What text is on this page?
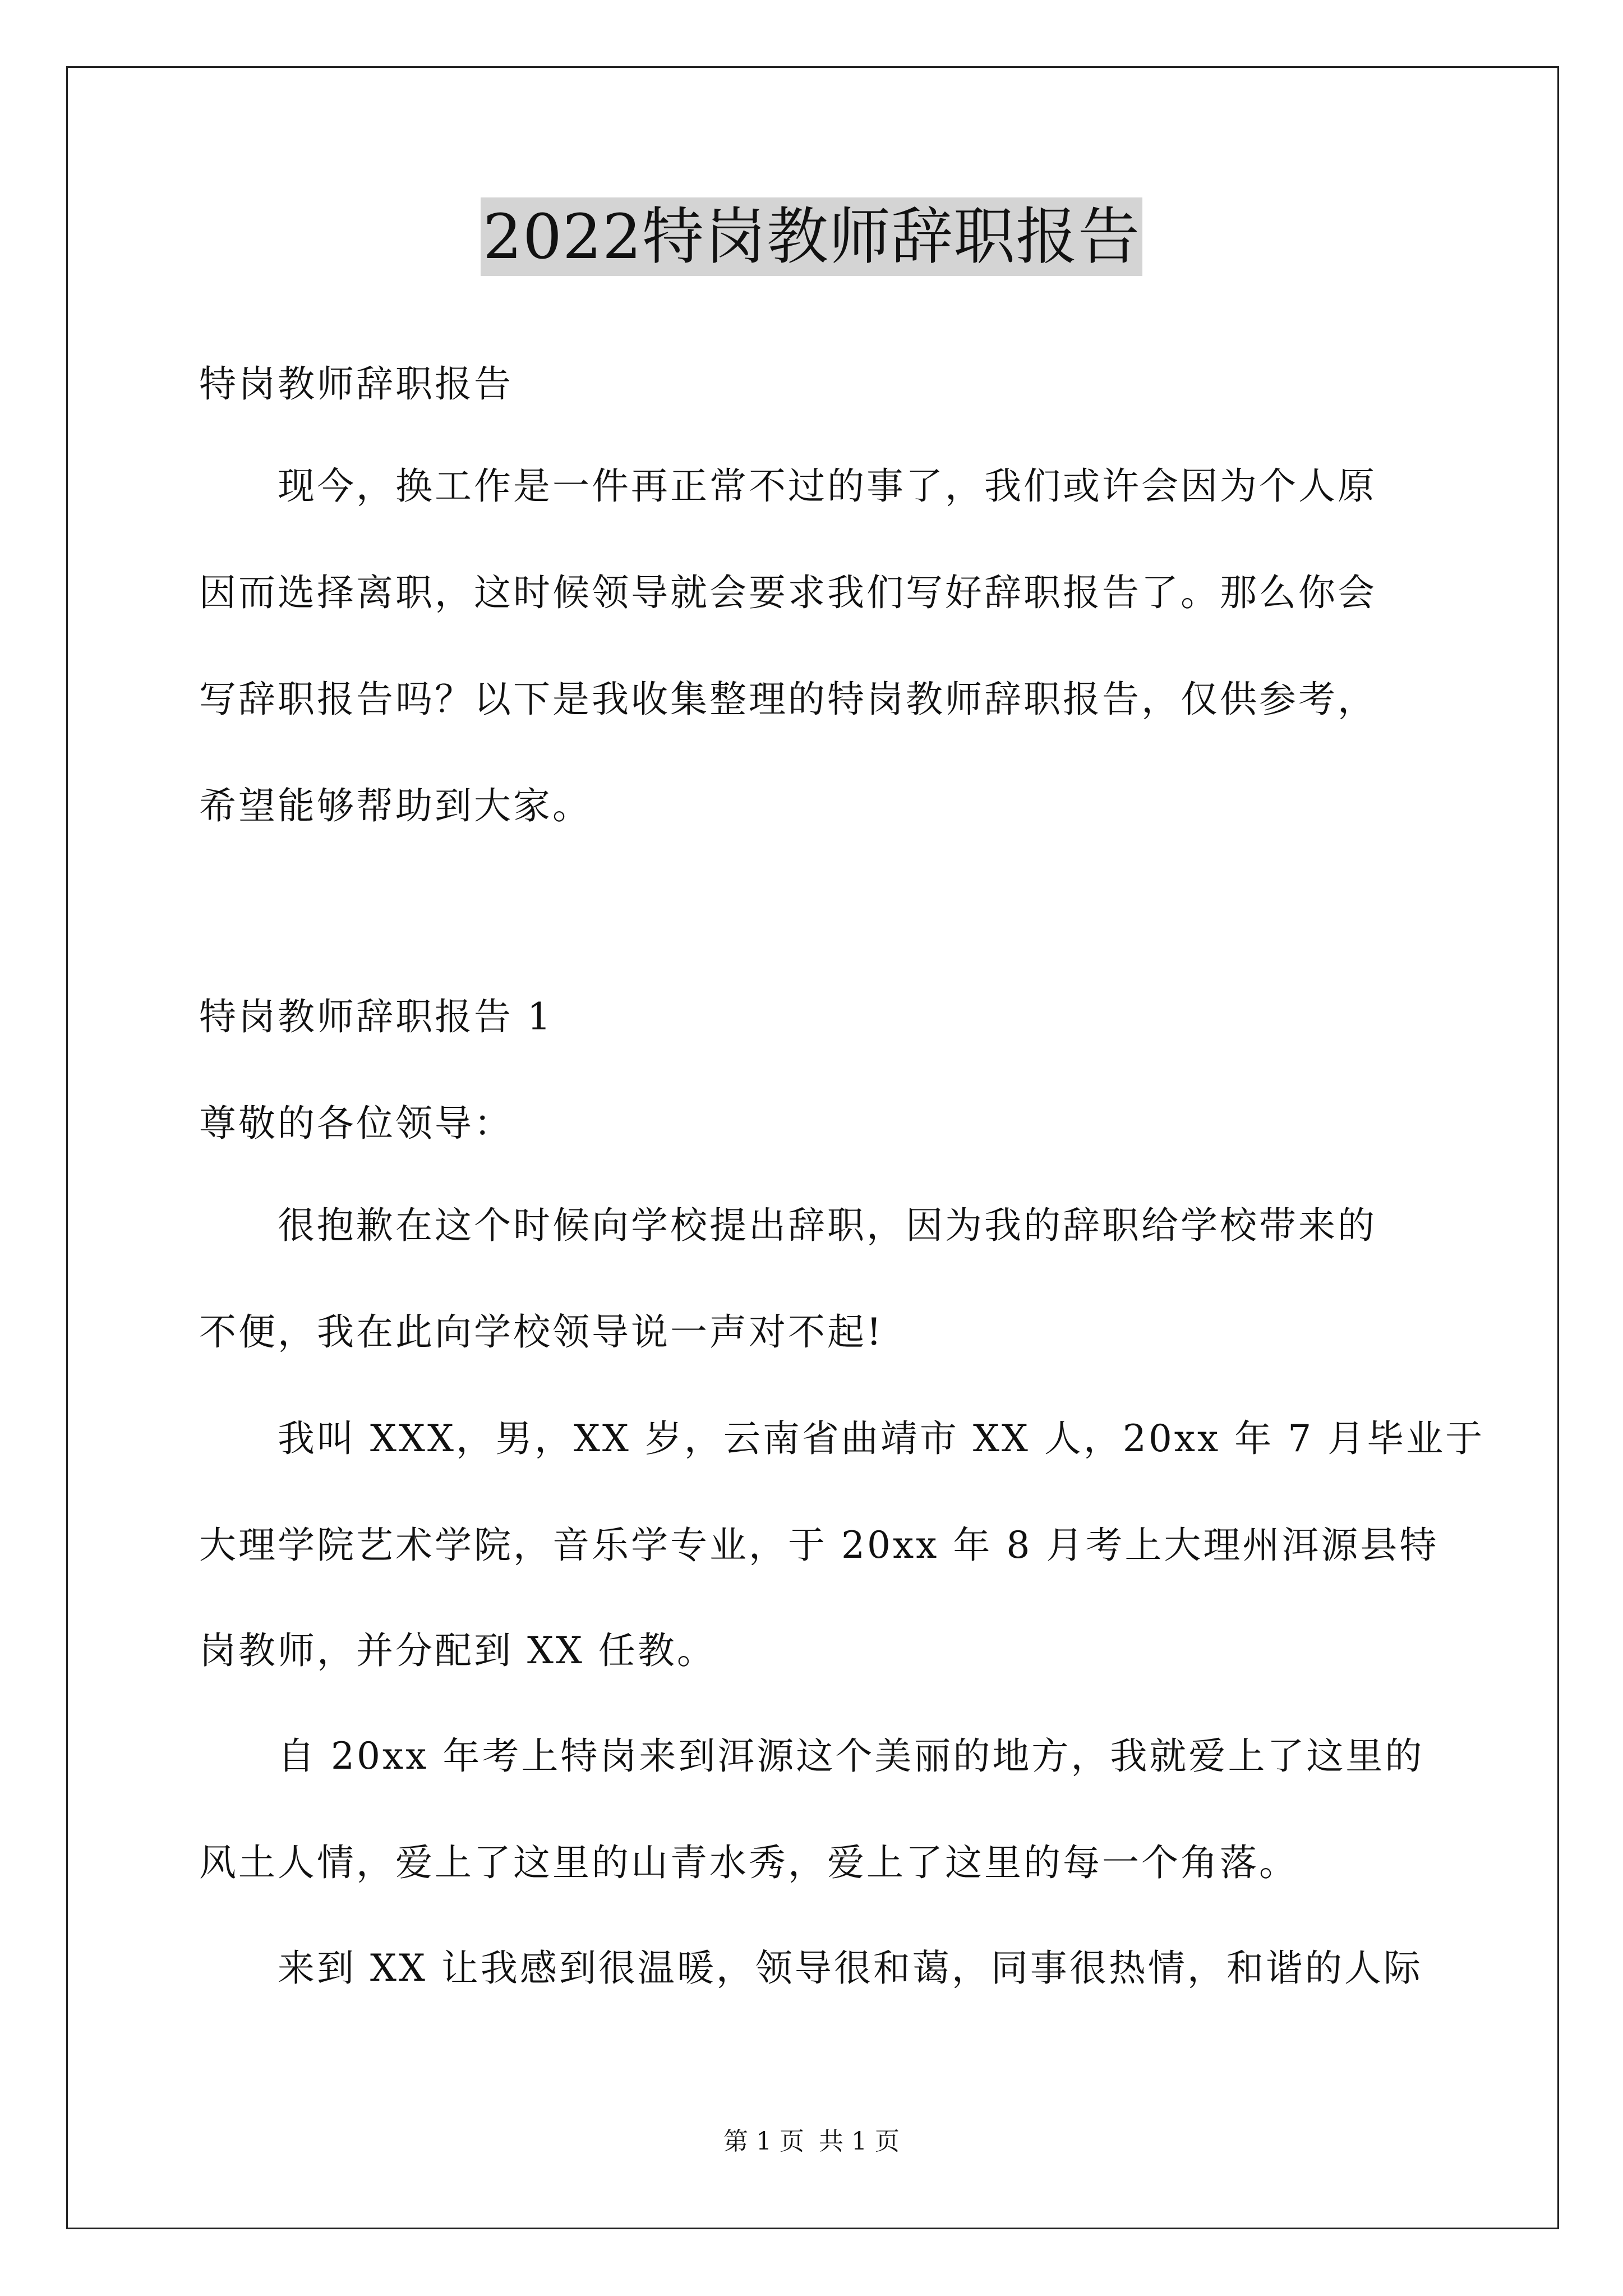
2022特岗教师辞职报告
特岗教师辞职报告
现今，换工作是一件再正常不过的事了，我们或许会因为个人原
因而选择离职，这时候领导就会要求我们写好辞职报告了。那么你会
写辞职报告吗？以下是我收集整理的特岗教师辞职报告，仅供参考，
希望能够帮助到大家。
特岗教师辞职报告 1
尊敬的各位领导：
很抱歉在这个时候向学校提出辞职，因为我的辞职给学校带来的
不便，我在此向学校领导说一声对不起!
我叫 XXX，男，XX 岁，云南省曲靖市 XX 人，20xx 年 7 月毕业于
大理学院艺术学院，音乐学专业，于 20xx 年 8 月考上大理州洱源县特
岗教师，并分配到 XX 任教。
自 20xx 年考上特岗来到洱源这个美丽的地方，我就爱上了这里的
风土人情，爱上了这里的山青水秀，爱上了这里的每一个角落。
来到 XX 让我感到很温暖，领导很和蔼，同事很热情，和谐的人际
第 1 页 共 1 页
